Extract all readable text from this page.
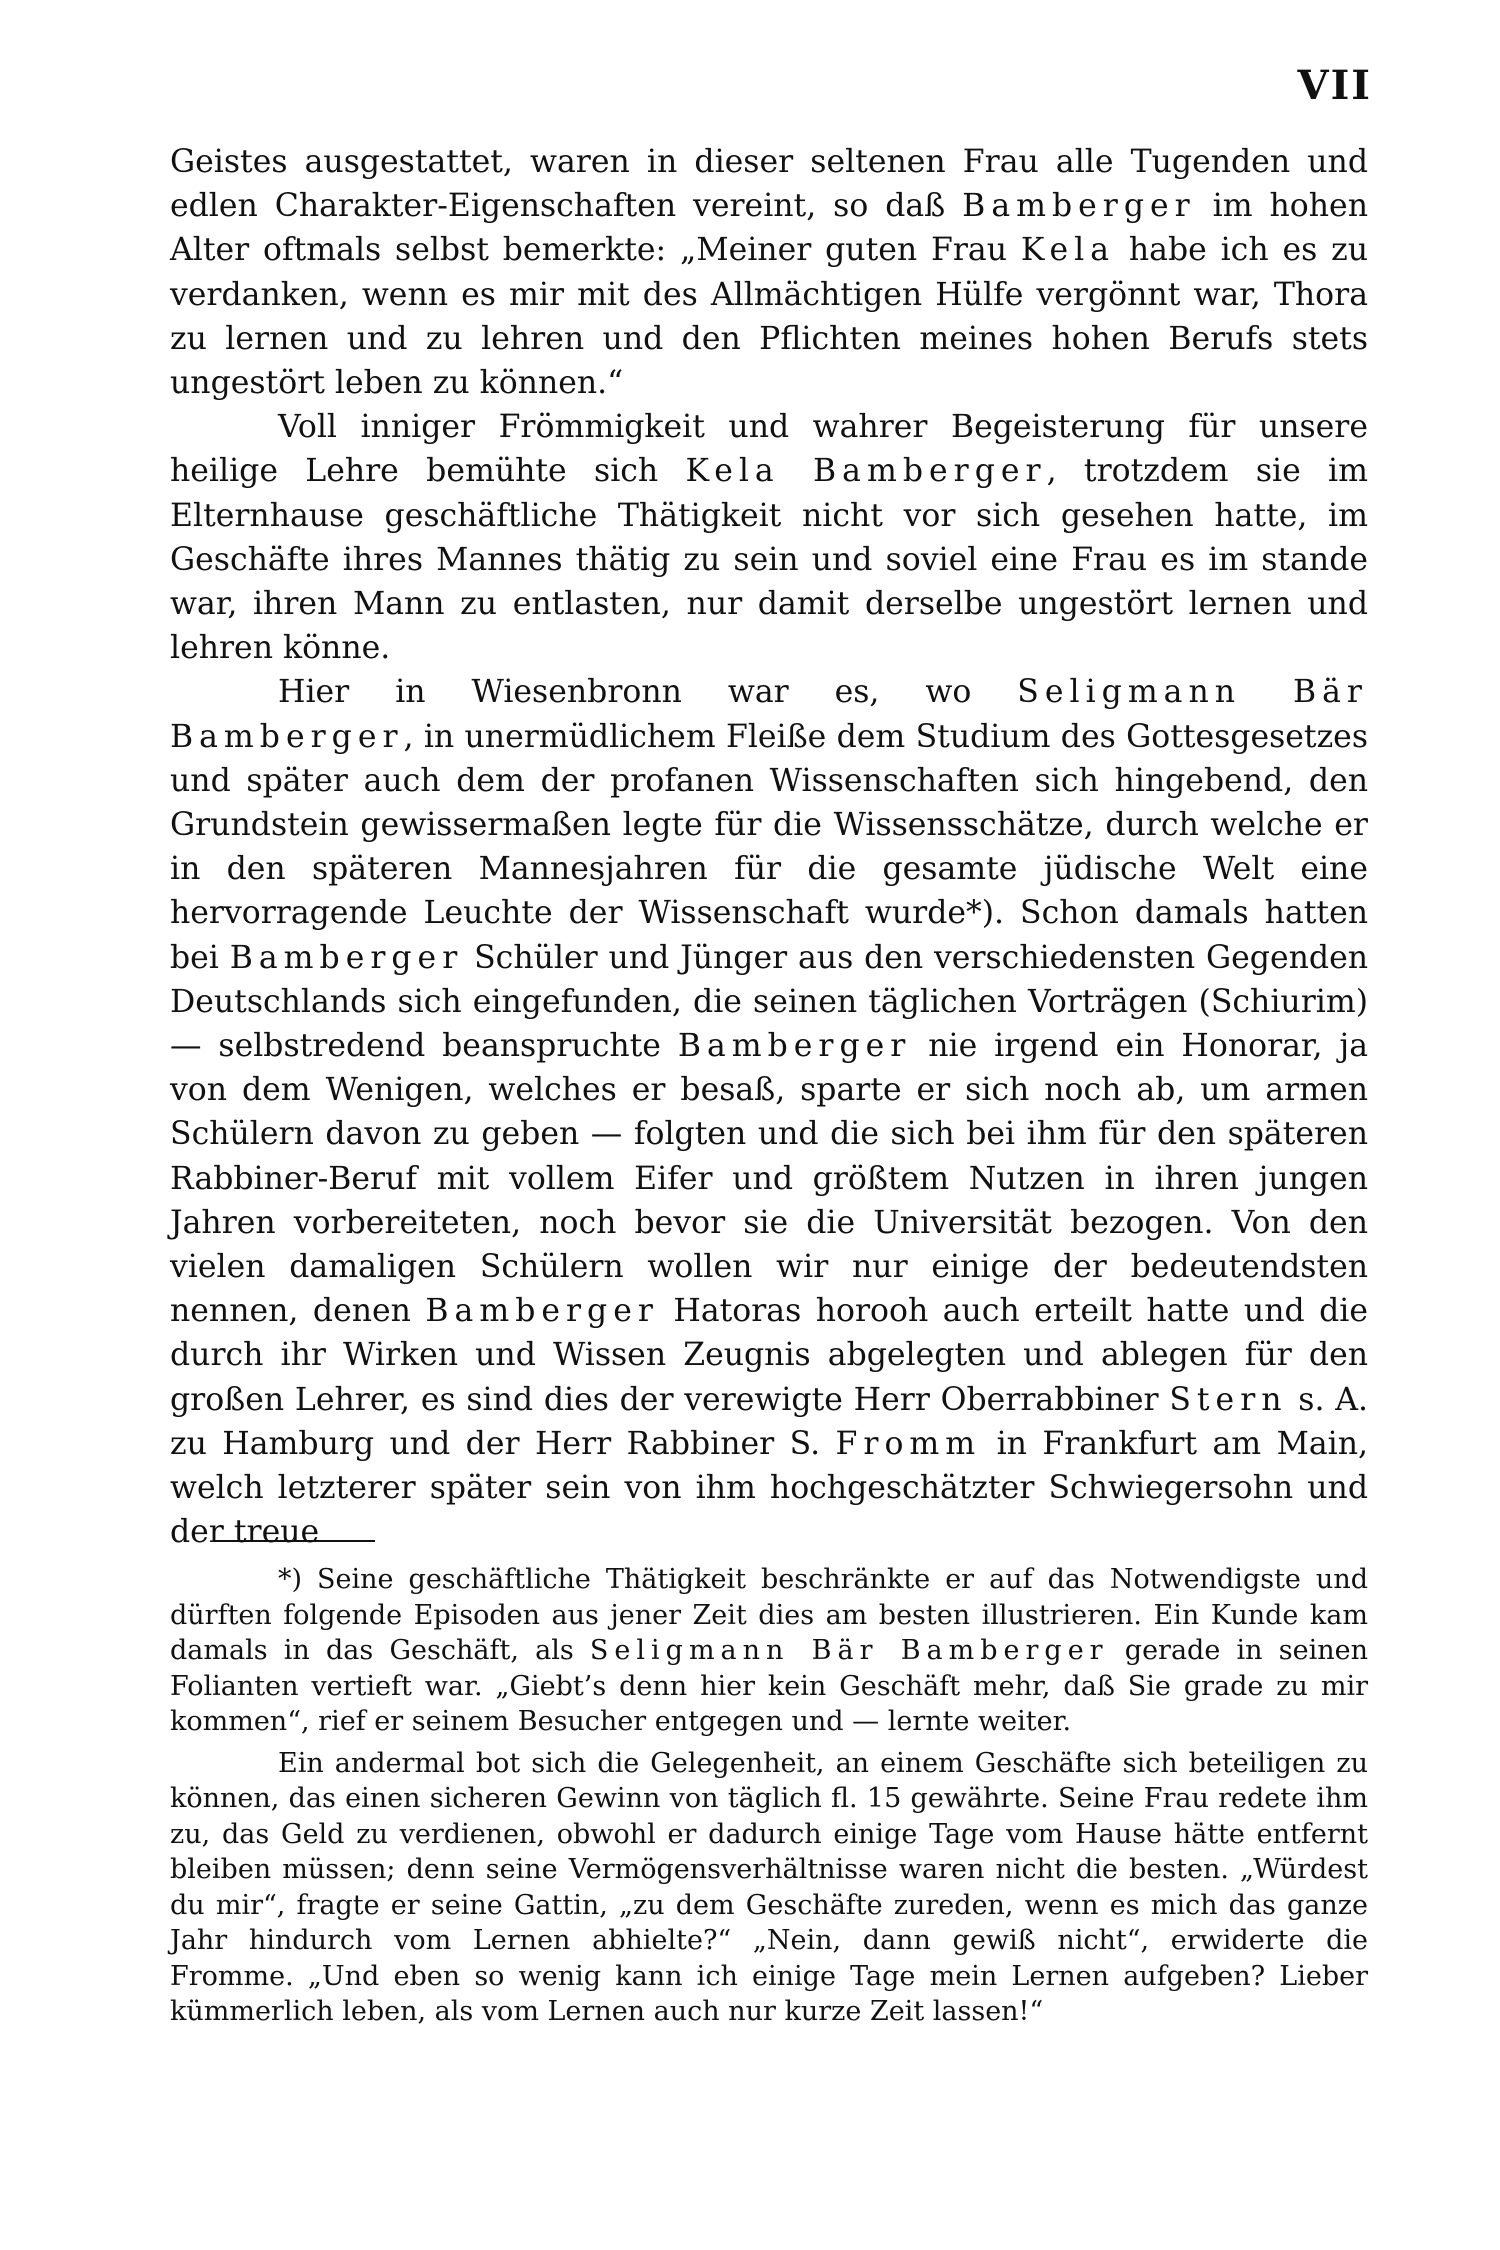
VII

Geistes ausgestattet, waren in dieser seltenen Frau alle Tugenden und edlen Charakter-Eigenschaften vereint, so daß Bamberger im hohen Alter oftmals selbst bemerkte: „Meiner guten Frau Kela habe ich es zu verdanken, wenn es mir mit des Allmächtigen Hülfe vergönnt war, Thora zu lernen und zu lehren und den Pflichten meines hohen Berufs stets ungestört leben zu können.“

Voll inniger Frömmigkeit und wahrer Begeisterung für unsere heilige Lehre bemühte sich Kela Bamberger, trotzdem sie im Elternhause geschäftliche Thätigkeit nicht vor sich gesehen hatte, im Geschäfte ihres Mannes thätig zu sein und soviel eine Frau es im stande war, ihren Mann zu entlasten, nur damit derselbe ungestört lernen und lehren könne.

Hier in Wiesenbronn war es, wo Seligmann Bär Bamberger, in unermüdlichem Fleiße dem Studium des Gottesgesetzes und später auch dem der profanen Wissenschaften sich hingebend, den Grundstein gewissermaßen legte für die Wissensschätze, durch welche er in den späteren Mannesjahren für die gesamte jüdische Welt eine hervorragende Leuchte der Wissenschaft wurde*). Schon damals hatten bei Bamberger Schüler und Jünger aus den verschiedensten Gegenden Deutschlands sich eingefunden, die seinen täglichen Vorträgen (Schiurim) — selbstredend beanspruchte Bamberger nie irgend ein Honorar, ja von dem Wenigen, welches er besaß, sparte er sich noch ab, um armen Schülern davon zu geben — folgten und die sich bei ihm für den späteren Rabbiner-Beruf mit vollem Eifer und größtem Nutzen in ihren jungen Jahren vorbereiteten, noch bevor sie die Universität bezogen. Von den vielen damaligen Schülern wollen wir nur einige der bedeutendsten nennen, denen Bamberger Hatoras horooh auch erteilt hatte und die durch ihr Wirken und Wissen Zeugnis abgelegten und ablegen für den großen Lehrer, es sind dies der verewigte Herr Oberrabbiner Stern s. A. zu Hamburg und der Herr Rabbiner S. Fromm in Frankfurt am Main, welch letzterer später sein von ihm hochgeschätzter Schwiegersohn und der treue

*) Seine geschäftliche Thätigkeit beschränkte er auf das Notwendigste und dürften folgende Episoden aus jener Zeit dies am besten illustrieren. Ein Kunde kam damals in das Geschäft, als Seligmann Bär Bamberger gerade in seinen Folianten vertieft war. „Giebt’s denn hier kein Geschäft mehr, daß Sie grade zu mir kommen“, rief er seinem Besucher entgegen und — lernte weiter.

Ein andermal bot sich die Gelegenheit, an einem Geschäfte sich beteiligen zu können, das einen sicheren Gewinn von täglich fl. 15 gewährte. Seine Frau redete ihm zu, das Geld zu verdienen, obwohl er dadurch einige Tage vom Hause hätte entfernt bleiben müssen; denn seine Vermögensverhältnisse waren nicht die besten. „Würdest du mir“, fragte er seine Gattin, „zu dem Geschäfte zureden, wenn es mich das ganze Jahr hindurch vom Lernen abhielte?“ „Nein, dann gewiß nicht“, erwiderte die Fromme. „Und eben so wenig kann ich einige Tage mein Lernen aufgeben? Lieber kümmerlich leben, als vom Lernen auch nur kurze Zeit lassen!“
